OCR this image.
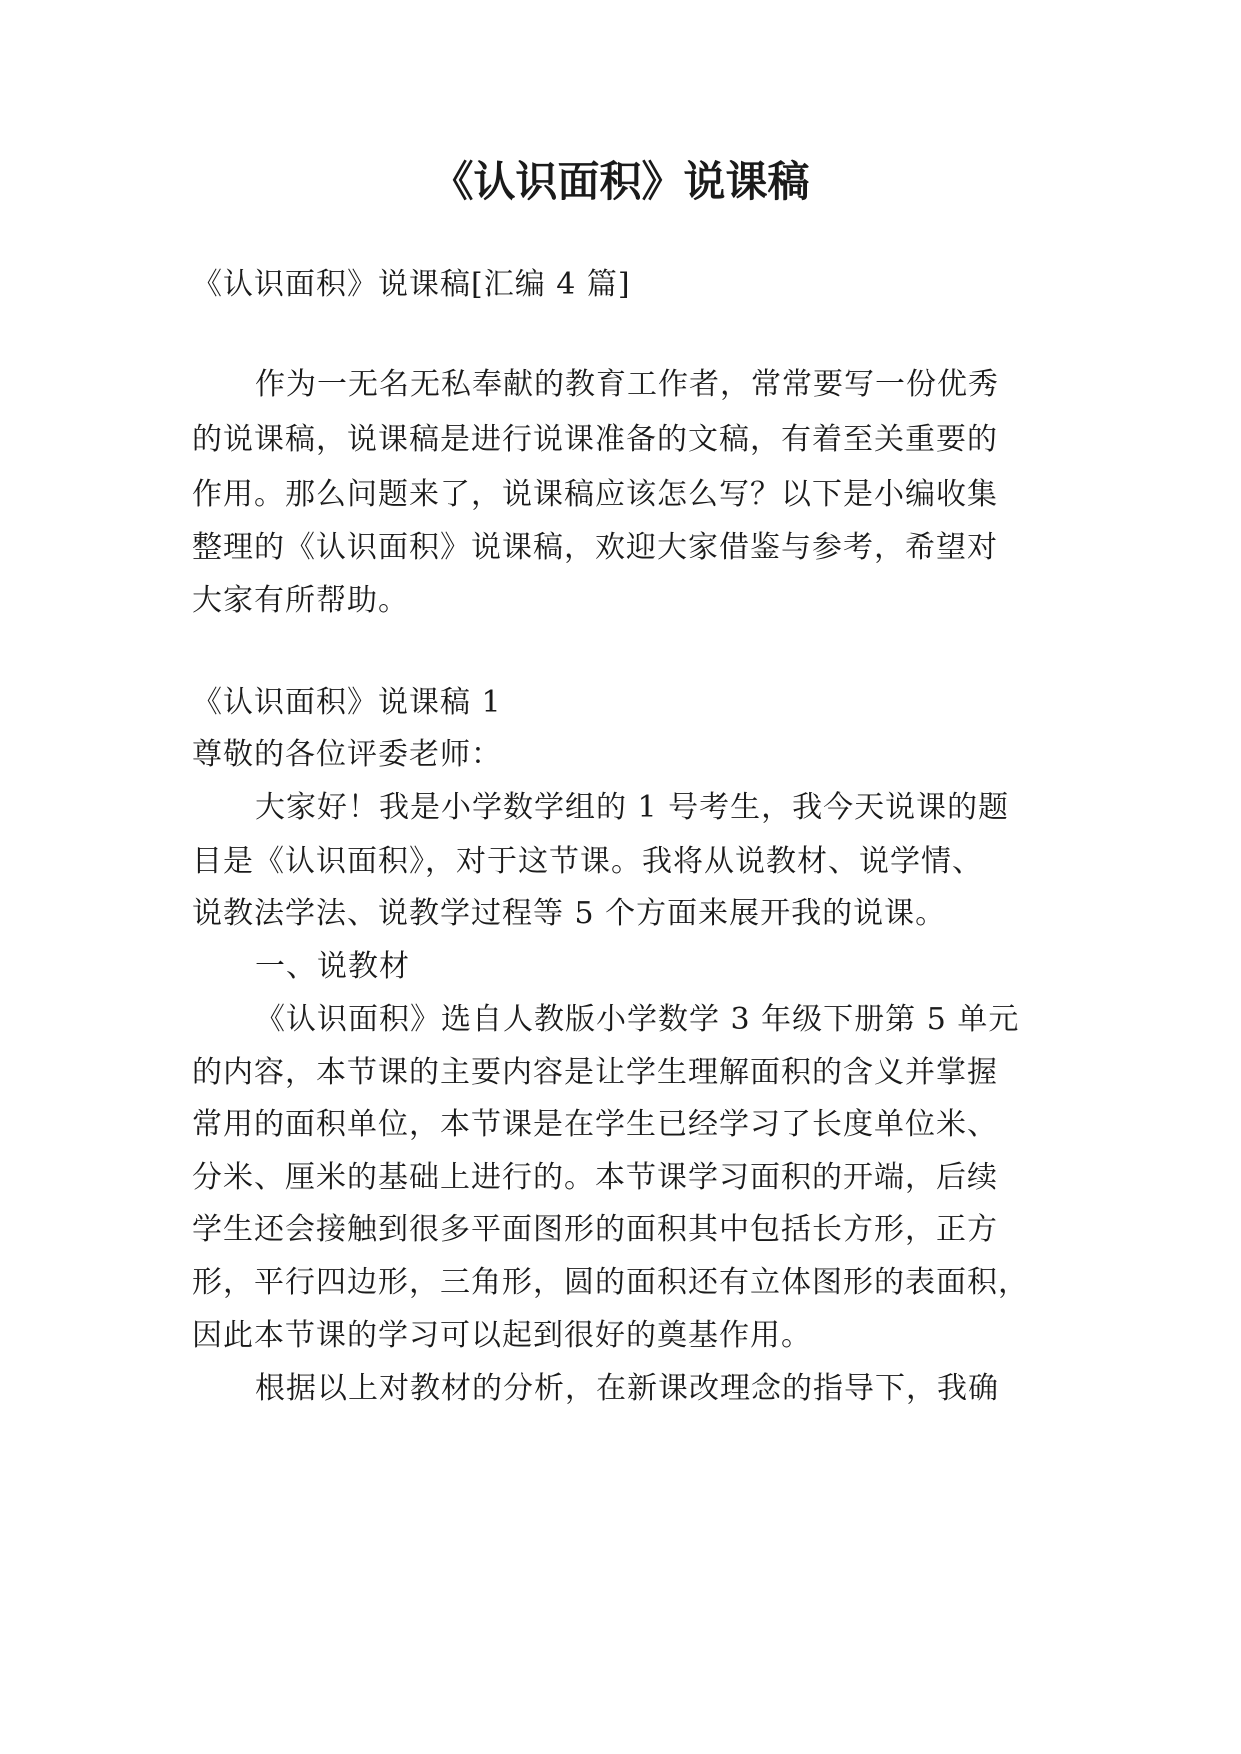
《认识面积》说课稿
《认识面积》说课稿[汇编 4 篇]
作为一无名无私奉献的教育工作者，常常要写一份优秀
的说课稿，说课稿是进行说课准备的文稿，有着至关重要的
作用。那么问题来了，说课稿应该怎么写？以下是小编收集
整理的《认识面积》说课稿，欢迎大家借鉴与参考，希望对
大家有所帮助。
《认识面积》说课稿 1
尊敬的各位评委老师：
大家好！我是小学数学组的 1 号考生，我今天说课的题
目是《认识面积》，对于这节课。我将从说教材、说学情、
说教法学法、说教学过程等 5 个方面来展开我的说课。
一、说教材
《认识面积》选自人教版小学数学 3 年级下册第 5 单元
的内容，本节课的主要内容是让学生理解面积的含义并掌握
常用的面积单位，本节课是在学生已经学习了长度单位米、
分米、厘米的基础上进行的。本节课学习面积的开端，后续
学生还会接触到很多平面图形的面积其中包括长方形，正方
形，平行四边形，三角形，圆的面积还有立体图形的表面积，
因此本节课的学习可以起到很好的奠基作用。
根据以上对教材的分析，在新课改理念的指导下，我确
